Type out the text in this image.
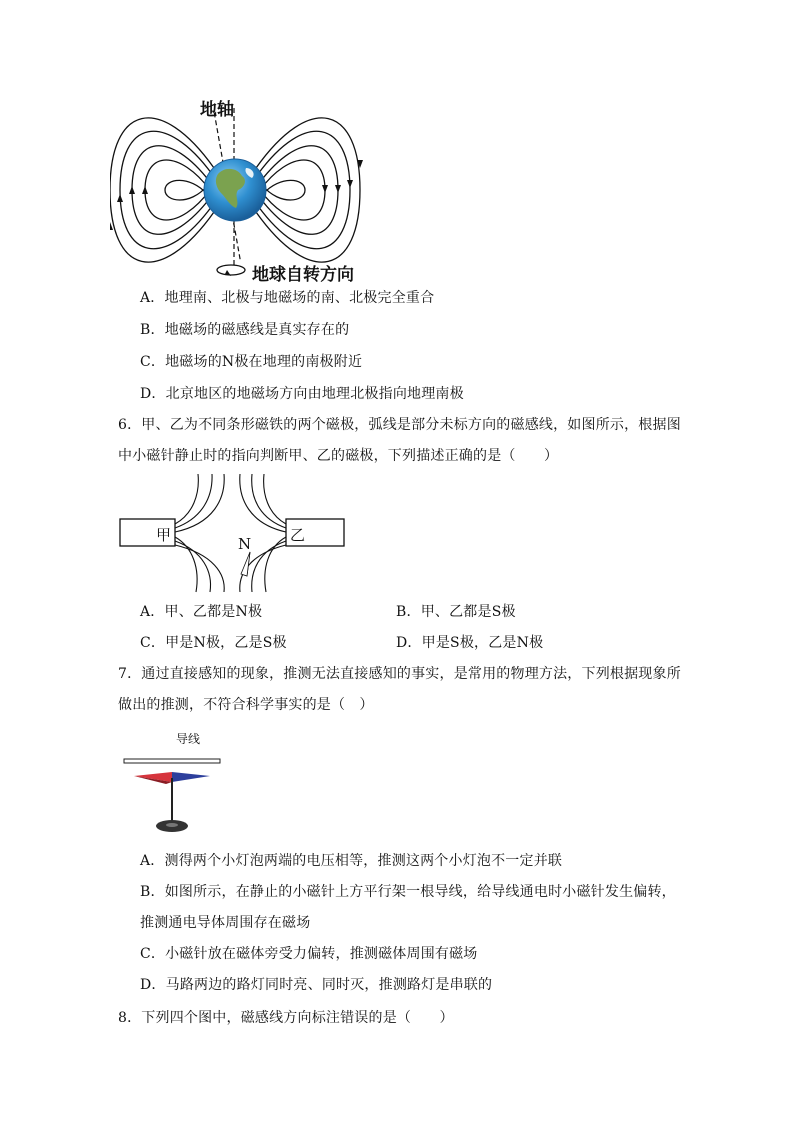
地轴
地球自转方向
A．地理南、北极与地磁场的南、北极完全重合
B．地磁场的磁感线是真实存在的
C．地磁场的N极在地理的南极附近
D．北京地区的地磁场方向由地理北极指向地理南极
6．甲、乙为不同条形磁铁的两个磁极，弧线是部分未标方向的磁感线，如图所示，根据图
中小磁针静止时的指向判断甲、乙的磁极，下列描述正确的是（　　）
甲	乙
N
A．甲、乙都是N极	B．甲、乙都是S极
C．甲是N极，乙是S极	D．甲是S极，乙是N极
7．通过直接感知的现象，推测无法直接感知的事实，是常用的物理方法，下列根据现象所
做出的推测，不符合科学事实的是（　）
导线
A．测得两个小灯泡两端的电压相等，推测这两个小灯泡不一定并联
B．如图所示，在静止的小磁针上方平行架一根导线，给导线通电时小磁针发生偏转，
推测通电导体周围存在磁场
C．小磁针放在磁体旁受力偏转，推测磁体周围有磁场
D．马路两边的路灯同时亮、同时灭，推测路灯是串联的
8．下列四个图中，磁感线方向标注错误的是（　　）
